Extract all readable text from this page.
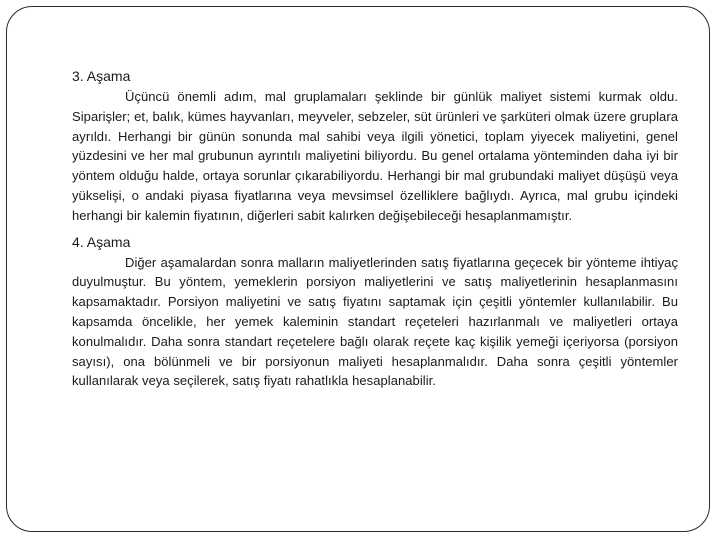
3. Aşama

Üçüncü önemli adım, mal gruplamaları şeklinde bir günlük maliyet sistemi kurmak oldu. Siparişler; et, balık, kümes hayvanları, meyveler, sebzeler, süt ürünleri ve şarküteri olmak üzere gruplara ayrıldı. Herhangi bir günün sonunda mal sahibi veya ilgili yönetici, toplam yiyecek maliyetini, genel yüzdesini ve her mal grubunun ayrıntılı maliyetini biliyordu. Bu genel ortalama yönteminden daha iyi bir yöntem olduğu halde, ortaya sorunlar çıkarabiliyordu. Herhangi bir mal grubundaki maliyet düşüşü veya yükselişi, o andaki piyasa fiyatlarına veya mevsimsel özelliklere bağlıydı. Ayrıca, mal grubu içindeki herhangi bir kalemin fiyatının, diğerleri sabit kalırken değişebileceği hesaplanmamıştır.

4. Aşama

Diğer aşamalardan sonra malların maliyetlerinden satış fiyatlarına geçecek bir yönteme ihtiyaç duyulmuştur. Bu yöntem, yemeklerin porsiyon maliyetlerini ve satış maliyetlerinin hesaplanmasını kapsamaktadır. Porsiyon maliyetini ve satış fiyatını saptamak için çeşitli yöntemler kullanılabilir. Bu kapsamda öncelikle, her yemek kaleminin standart reçeteleri hazırlanmalı ve maliyetleri ortaya konulmalıdır. Daha sonra standart reçetelere bağlı olarak reçete kaç kişilik yemeği içeriyorsa (porsiyon sayısı), ona bölünmeli ve bir porsiyonun maliyeti hesaplanmalıdır. Daha sonra çeşitli yöntemler kullanılarak veya seçilerek, satış fiyatı rahatlıkla hesaplanabilir.
